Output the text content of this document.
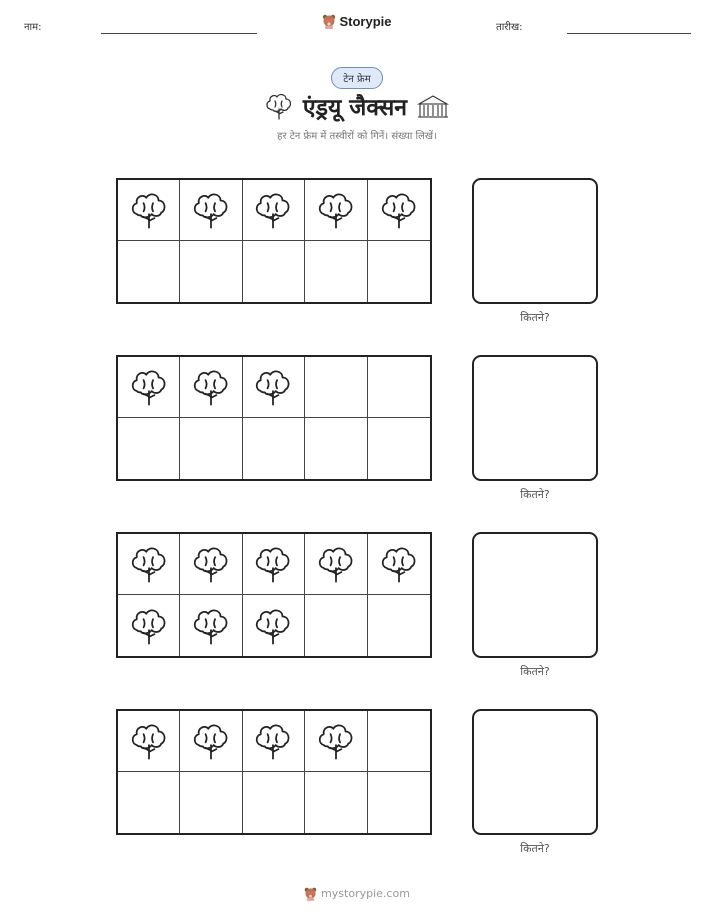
नाम:	Storypie	तारीख:
टेन फ्रेम
एंड्रयू जैक्सन
हर टेन फ्रेम में तस्वीरों को गिनें। संख्या लिखें।
कितने?
कितने?
कितने?
कितने?
mystorypie.com
